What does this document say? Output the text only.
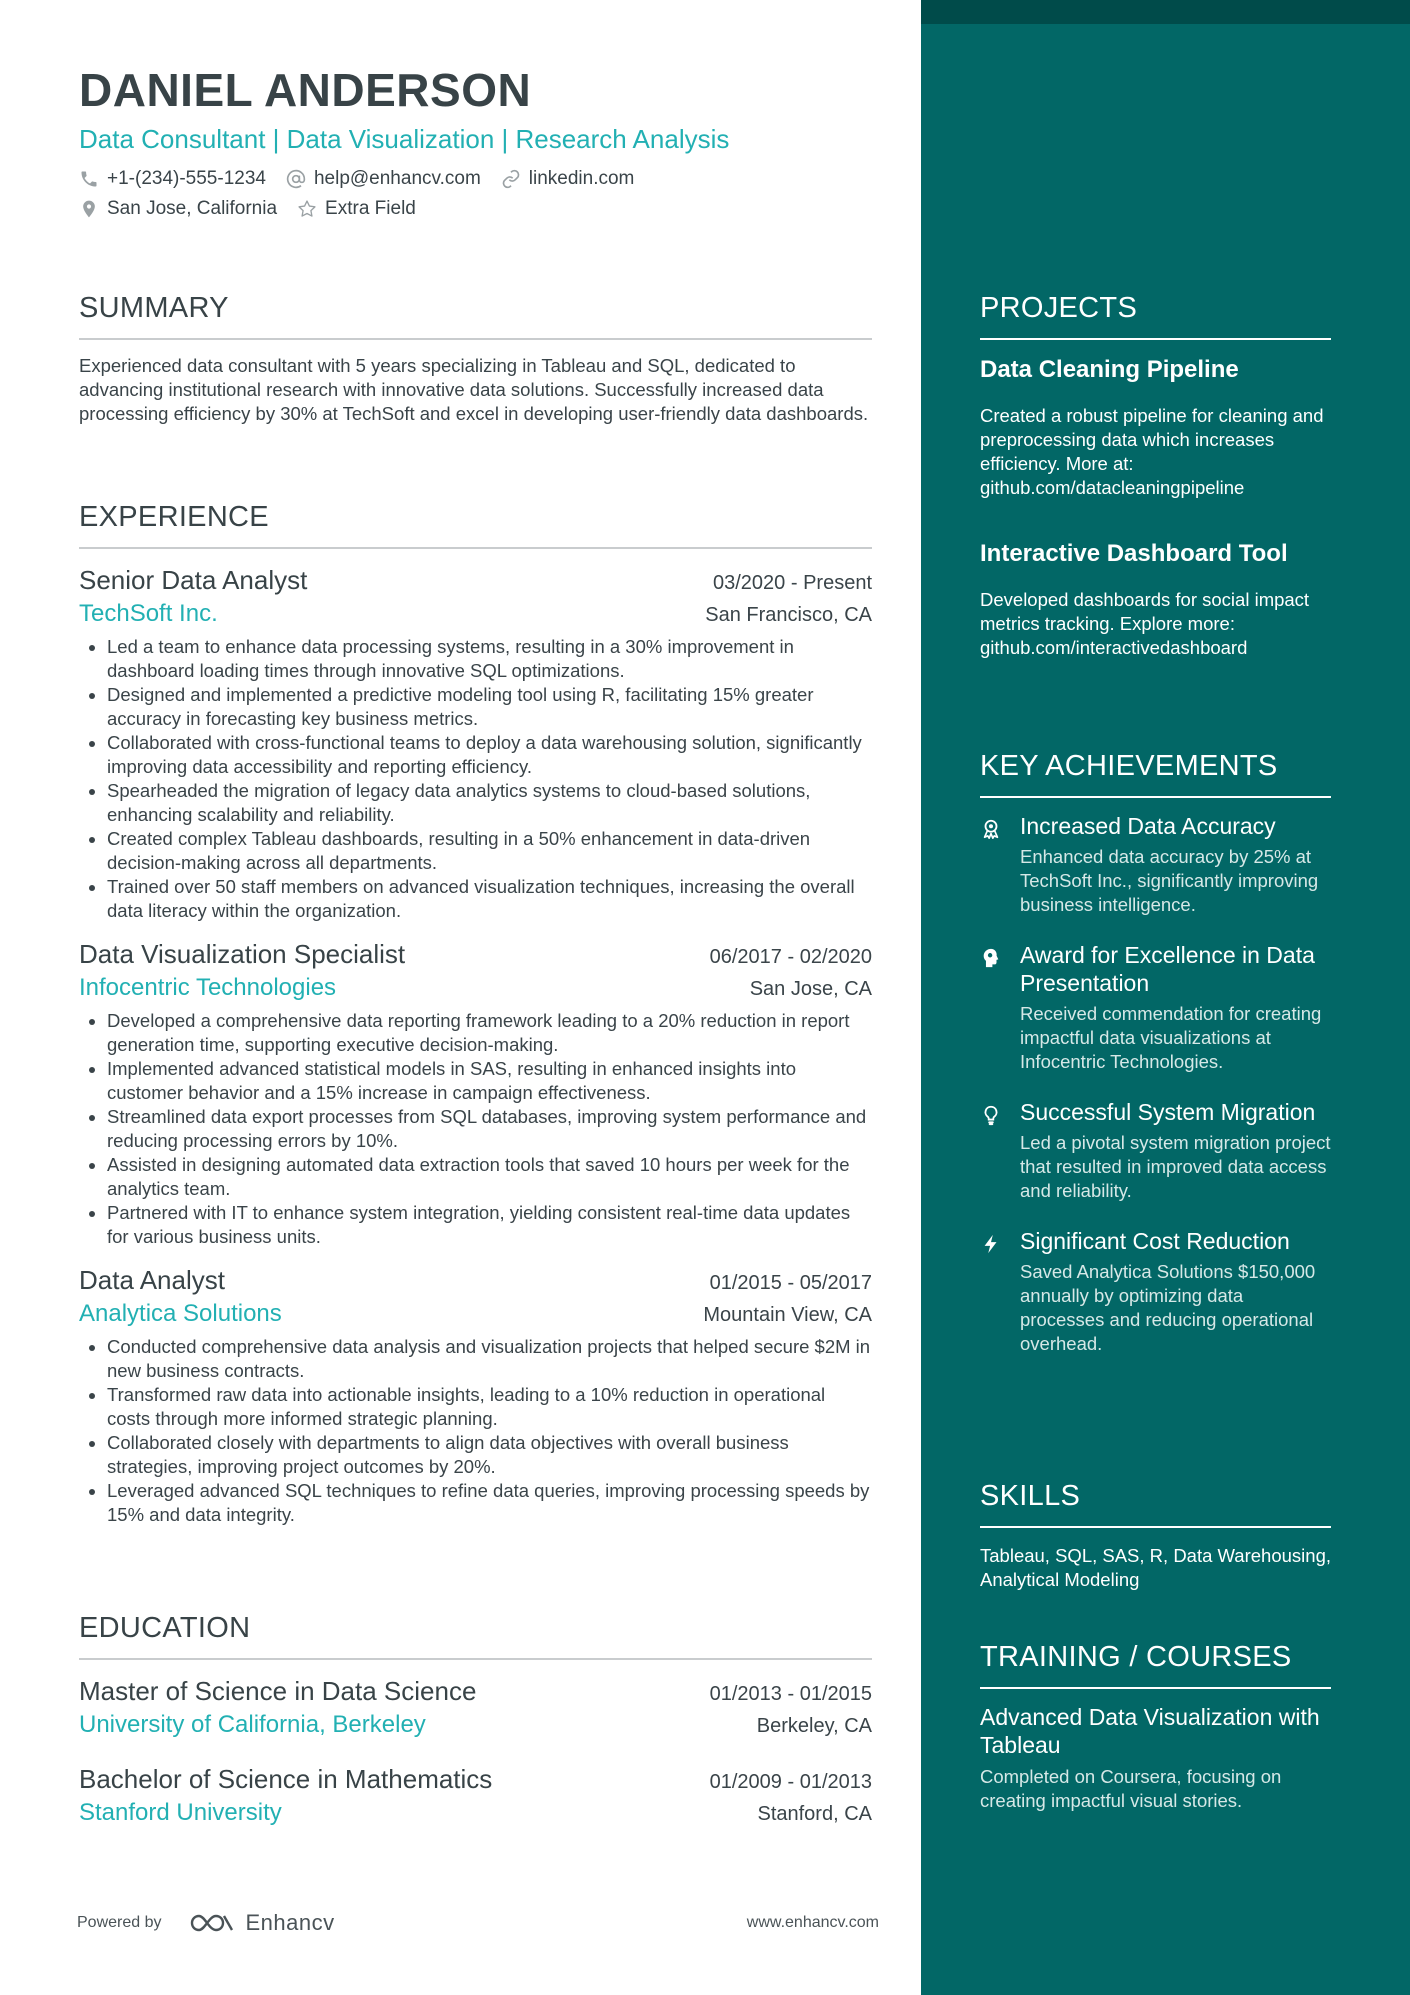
DANIEL ANDERSON
Data Consultant | Data Visualization | Research Analysis
+1-(234)-555-1234	help@enhancv.com	linkedin.com
San Jose, California	Extra Field
SUMMARY
Experienced data consultant with 5 years specializing in Tableau and SQL, dedicated to advancing institutional research with innovative data solutions. Successfully increased data processing efficiency by 30% at TechSoft and excel in developing user-friendly data dashboards.
EXPERIENCE
Senior Data Analyst	03/2020 - Present
TechSoft Inc.	San Francisco, CA
Led a team to enhance data processing systems, resulting in a 30% improvement in dashboard loading times through innovative SQL optimizations.
Designed and implemented a predictive modeling tool using R, facilitating 15% greater accuracy in forecasting key business metrics.
Collaborated with cross-functional teams to deploy a data warehousing solution, significantly improving data accessibility and reporting efficiency.
Spearheaded the migration of legacy data analytics systems to cloud-based solutions, enhancing scalability and reliability.
Created complex Tableau dashboards, resulting in a 50% enhancement in data-driven decision-making across all departments.
Trained over 50 staff members on advanced visualization techniques, increasing the overall data literacy within the organization.
Data Visualization Specialist	06/2017 - 02/2020
Infocentric Technologies	San Jose, CA
Developed a comprehensive data reporting framework leading to a 20% reduction in report generation time, supporting executive decision-making.
Implemented advanced statistical models in SAS, resulting in enhanced insights into customer behavior and a 15% increase in campaign effectiveness.
Streamlined data export processes from SQL databases, improving system performance and reducing processing errors by 10%.
Assisted in designing automated data extraction tools that saved 10 hours per week for the analytics team.
Partnered with IT to enhance system integration, yielding consistent real-time data updates for various business units.
Data Analyst	01/2015 - 05/2017
Analytica Solutions	Mountain View, CA
Conducted comprehensive data analysis and visualization projects that helped secure $2M in new business contracts.
Transformed raw data into actionable insights, leading to a 10% reduction in operational costs through more informed strategic planning.
Collaborated closely with departments to align data objectives with overall business strategies, improving project outcomes by 20%.
Leveraged advanced SQL techniques to refine data queries, improving processing speeds by 15% and data integrity.
EDUCATION
Master of Science in Data Science	01/2013 - 01/2015
University of California, Berkeley	Berkeley, CA
Bachelor of Science in Mathematics	01/2009 - 01/2013
Stanford University	Stanford, CA
Powered by	Enhancv	www.enhancv.com
PROJECTS
Data Cleaning Pipeline
Created a robust pipeline for cleaning and preprocessing data which increases efficiency. More at: github.com/datacleaningpipeline
Interactive Dashboard Tool
Developed dashboards for social impact metrics tracking. Explore more: github.com/interactivedashboard
KEY ACHIEVEMENTS
Increased Data Accuracy
Enhanced data accuracy by 25% at TechSoft Inc., significantly improving business intelligence.
Award for Excellence in Data Presentation
Received commendation for creating impactful data visualizations at Infocentric Technologies.
Successful System Migration
Led a pivotal system migration project that resulted in improved data access and reliability.
Significant Cost Reduction
Saved Analytica Solutions $150,000 annually by optimizing data processes and reducing operational overhead.
SKILLS
Tableau, SQL, SAS, R, Data Warehousing, Analytical Modeling
TRAINING / COURSES
Advanced Data Visualization with Tableau
Completed on Coursera, focusing on creating impactful visual stories.
